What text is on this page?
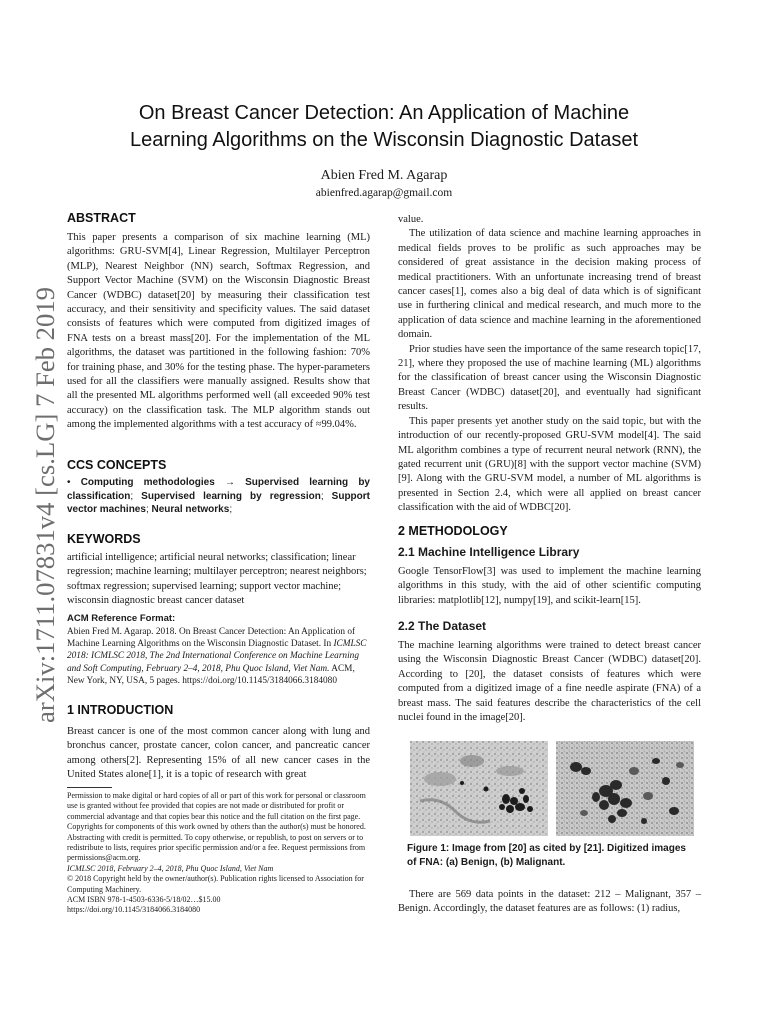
On Breast Cancer Detection: An Application of Machine
Learning Algorithms on the Wisconsin Diagnostic Dataset
Abien Fred M. Agarap
abienfred.agarap@gmail.com
arXiv:1711.07831v4 [cs.LG] 7 Feb 2019
ABSTRACT

This paper presents a comparison of six machine learning (ML) algorithms: GRU-SVM[4], Linear Regression, Multilayer Perceptron (MLP), Nearest Neighbor (NN) search, Softmax Regression, and Support Vector Machine (SVM) on the Wisconsin Diagnostic Breast Cancer (WDBC) dataset[20] by measuring their classification test accuracy, and their sensitivity and specificity values. The said dataset consists of features which were computed from digitized images of FNA tests on a breast mass[20]. For the implementation of the ML algorithms, the dataset was partitioned in the following fashion: 70% for training phase, and 30% for the testing phase. The hyper-parameters used for all the classifiers were manually assigned. Results show that all the presented ML algorithms performed well (all exceeded 90% test accuracy) on the classification task. The MLP algorithm stands out among the implemented algorithms with a test accuracy of ≈99.04%.

CCS CONCEPTS

• Computing methodologies → Supervised learning by classification; Supervised learning by regression; Support vector machines; Neural networks;

KEYWORDS

artificial intelligence; artificial neural networks; classification; linear regression; machine learning; multilayer perceptron; nearest neighbors; softmax regression; supervised learning; support vector machine; wisconsin diagnostic breast cancer dataset

ACM Reference Format:

Abien Fred M. Agarap. 2018. On Breast Cancer Detection: An Application of Machine Learning Algorithms on the Wisconsin Diagnostic Dataset. In ICMLSC 2018: ICMLSC 2018, The 2nd International Conference on Machine Learning and Soft Computing, February 2–4, 2018, Phu Quoc Island, Viet Nam. ACM, New York, NY, USA, 5 pages. https://doi.org/10.1145/3184066.3184080

1 INTRODUCTION

Breast cancer is one of the most common cancer along with lung and bronchus cancer, prostate cancer, colon cancer, and pancreatic cancer among others[2]. Representing 15% of all new cancer cases in the United States alone[1], it is a topic of research with great

Permission to make digital or hard copies of all or part of this work for personal or classroom use is granted without fee provided that copies are not made or distributed for profit or commercial advantage and that copies bear this notice and the full citation on the first page. Copyrights for components of this work owned by others than the author(s) must be honored. Abstracting with credit is permitted. To copy otherwise, or republish, to post on servers or to redistribute to lists, requires prior specific permission and/or a fee. Request permissions from permissions@acm.org.

ICMLSC 2018, February 2–4, 2018, Phu Quoc Island, Viet Nam

© 2018 Copyright held by the owner/author(s). Publication rights licensed to Association for Computing Machinery.

ACM ISBN 978-1-4503-6336-5/18/02…$15.00

https://doi.org/10.1145/3184066.3184080

value.

The utilization of data science and machine learning approaches in medical fields proves to be prolific as such approaches may be considered of great assistance in the decision making process of medical practitioners. With an unfortunate increasing trend of breast cancer cases[1], comes also a big deal of data which is of significant use in furthering clinical and medical research, and much more to the application of data science and machine learning in the aforementioned domain.

Prior studies have seen the importance of the same research topic[17, 21], where they proposed the use of machine learning (ML) algorithms for the classification of breast cancer using the Wisconsin Diagnostic Breast Cancer (WDBC) dataset[20], and eventually had significant results.

This paper presents yet another study on the said topic, but with the introduction of our recently-proposed GRU-SVM model[4]. The said ML algorithm combines a type of recurrent neural network (RNN), the gated recurrent unit (GRU)[8] with the support vector machine (SVM)[9]. Along with the GRU-SVM model, a number of ML algorithms is presented in Section 2.4, which were all applied on breast cancer classification with the aid of WDBC[20].

2 METHODOLOGY
2.1 Machine Intelligence Library

Google TensorFlow[3] was used to implement the machine learning algorithms in this study, with the aid of other scientific computing libraries: matplotlib[12], numpy[19], and scikit-learn[15].

2.2 The Dataset

The machine learning algorithms were trained to detect breast cancer using the Wisconsin Diagnostic Breast Cancer (WDBC) dataset[20]. According to [20], the dataset consists of features which were computed from a digitized image of a fine needle aspirate (FNA) of a breast mass. The said features describe the characteristics of the cell nuclei found in the image[20].

Figure 1: Image from [20] as cited by [21]. Digitized images of FNA: (a) Benign, (b) Malignant.

There are 569 data points in the dataset: 212 – Malignant, 357 – Benign. Accordingly, the dataset features are as follows: (1) radius,
